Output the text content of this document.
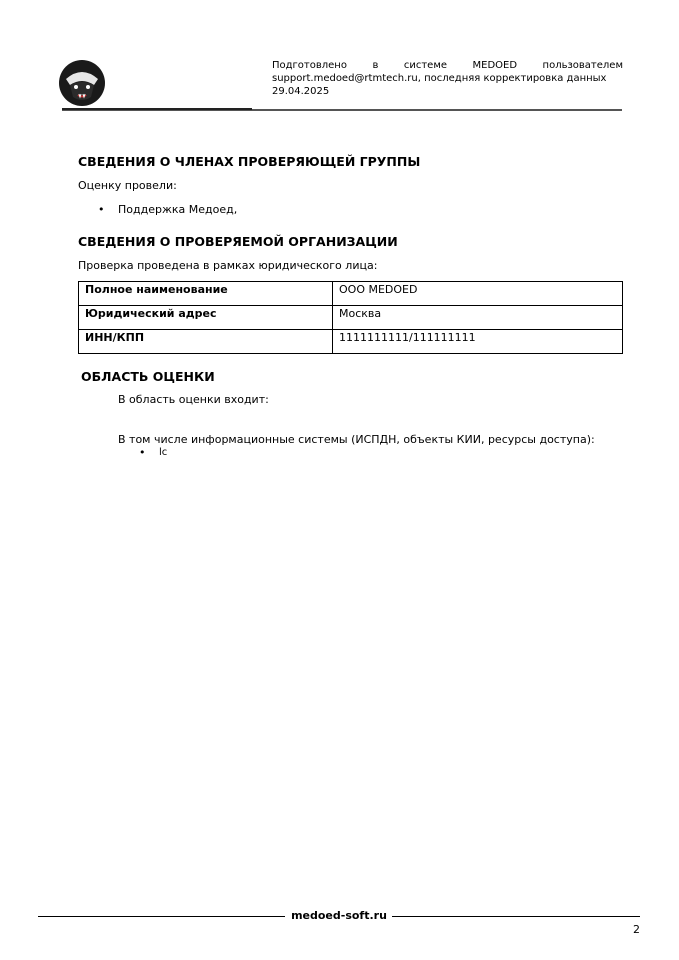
Подготовлено	в	системе	MEDOED	пользователем
support.medoed@rtmtech.ru, последняя корректировка данных
29.04.2025
СВЕДЕНИЯ О ЧЛЕНАХ ПРОВЕРЯЮЩЕЙ ГРУППЫ
Оценку провели:
• Поддержка Медоед,
СВЕДЕНИЯ О ПРОВЕРЯЕМОЙ ОРГАНИЗАЦИИ
Проверка проведена в рамках юридического лица:
Полное наименование	ООО MEDOED
Юридический адрес	Москва
ИНН/КПП	1111111111/111111111
ОБЛАСТЬ ОЦЕНКИ
В область оценки входит:
В том числе информационные системы (ИСПДН, объекты КИИ, ресурсы доступа):
• lc
medoed-soft.ru
2
